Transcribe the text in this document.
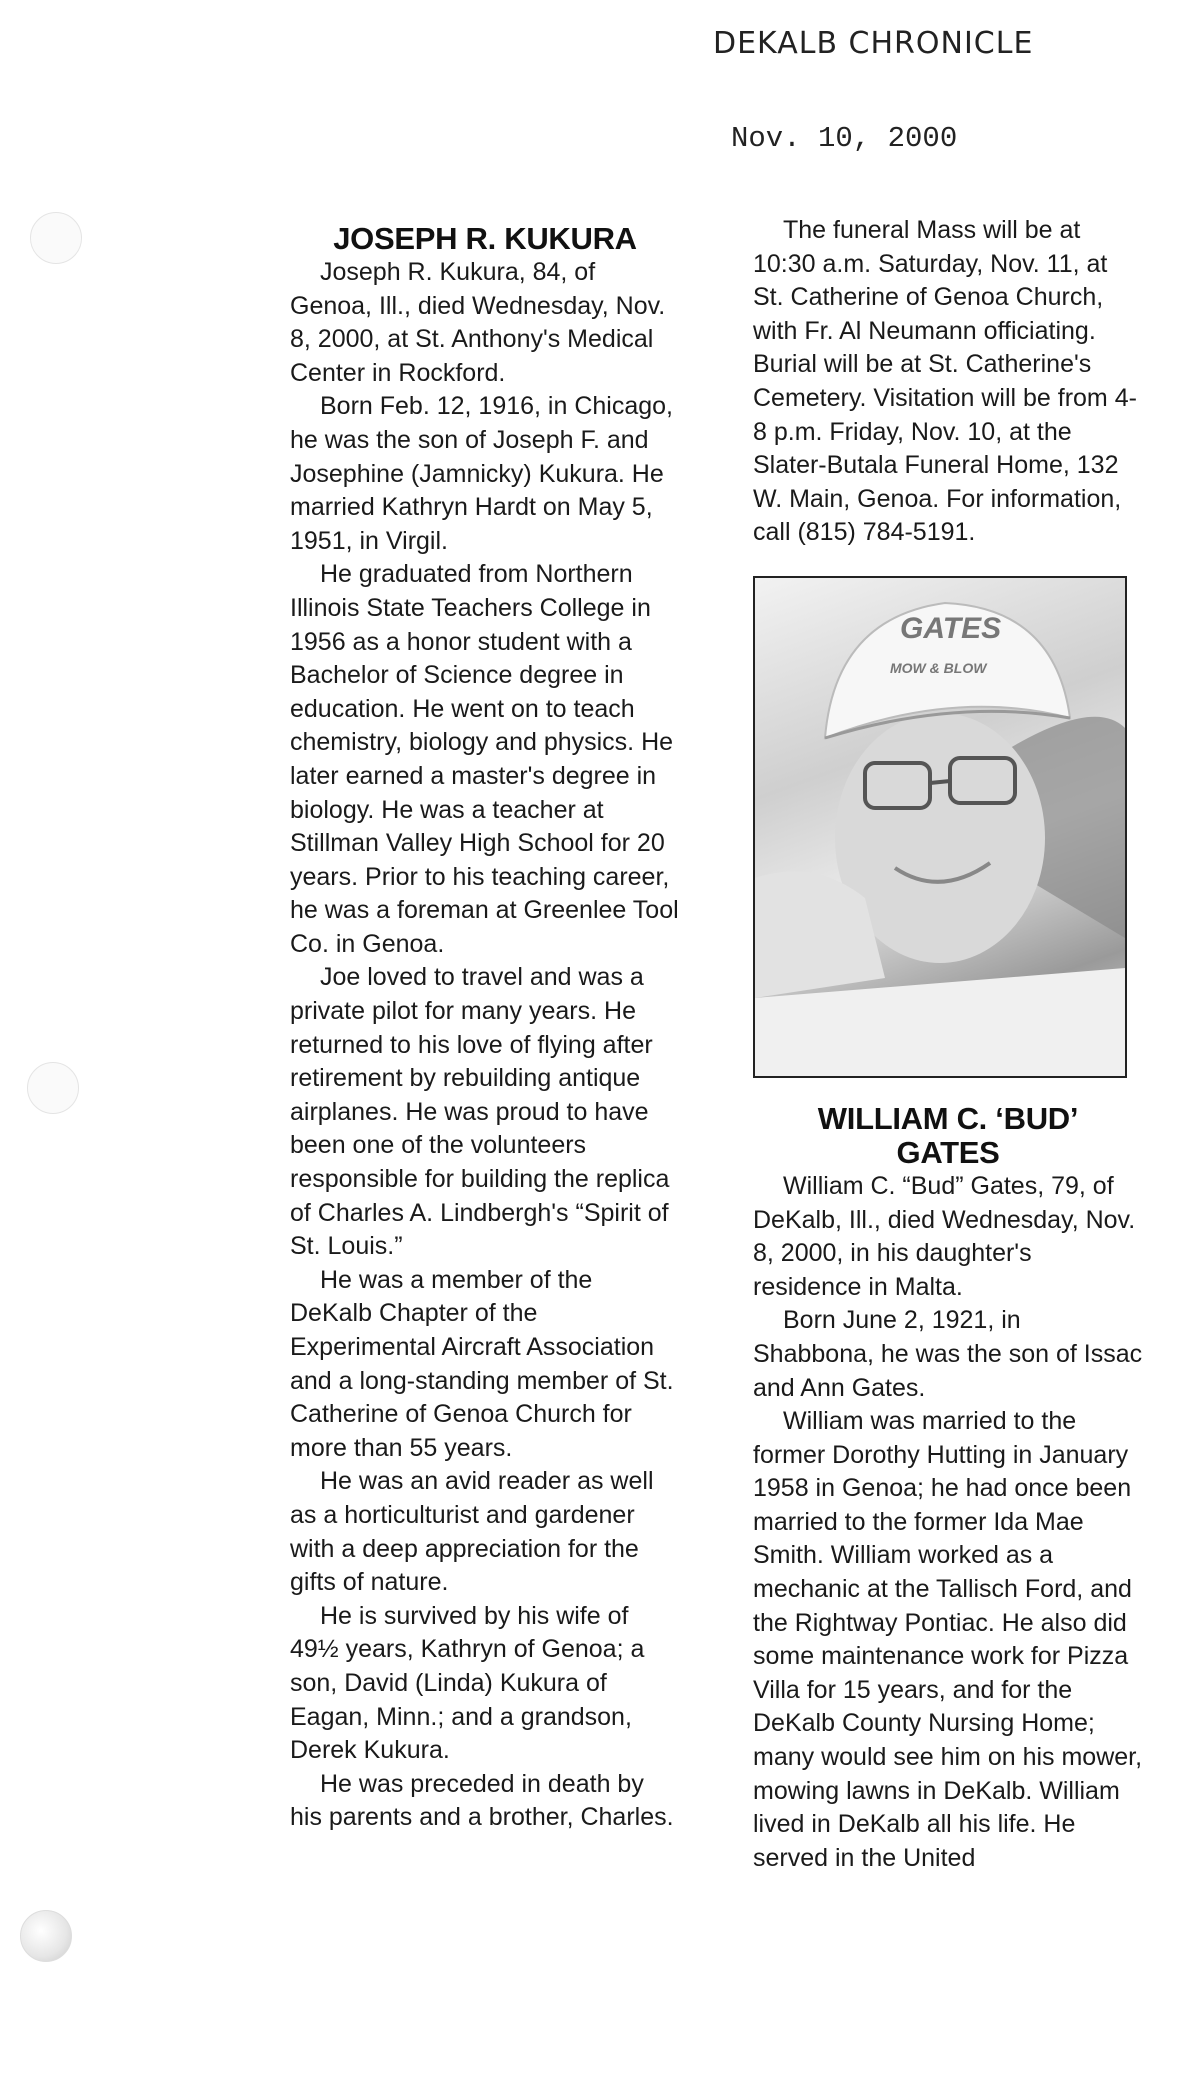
DEKALB CHRONICLE
Nov. 10, 2000
JOSEPH R. KUKURA

Joseph R. Kukura, 84, of Genoa, Ill., died Wednesday, Nov. 8, 2000, at St. Anthony's Medical Center in Rockford.

Born Feb. 12, 1916, in Chicago, he was the son of Joseph F. and Josephine (Jamnicky) Kukura. He married Kathryn Hardt on May 5, 1951, in Virgil.

He graduated from Northern Illinois State Teachers College in 1956 as a honor student with a Bachelor of Science degree in education. He went on to teach chemistry, biology and physics. He later earned a master's degree in biology. He was a teacher at Stillman Valley High School for 20 years. Prior to his teaching career, he was a foreman at Greenlee Tool Co. in Genoa.

Joe loved to travel and was a private pilot for many years. He returned to his love of flying after retirement by rebuilding antique airplanes. He was proud to have been one of the volunteers responsible for building the replica of Charles A. Lindbergh's “Spirit of St. Louis.”

He was a member of the DeKalb Chapter of the Experimental Aircraft Association and a long-standing member of St. Catherine of Genoa Church for more than 55 years.

He was an avid reader as well as a horticulturist and gardener with a deep appreciation for the gifts of nature.

He is survived by his wife of 49½ years, Kathryn of Genoa; a son, David (Linda) Kukura of Eagan, Minn.; and a grandson, Derek Kukura.

He was preceded in death by his parents and a brother, Charles.

The funeral Mass will be at 10:30 a.m. Saturday, Nov. 11, at St. Catherine of Genoa Church, with Fr. Al Neumann officiating. Burial will be at St. Catherine's Cemetery. Visitation will be from 4-8 p.m. Friday, Nov. 10, at the Slater-Butala Funeral Home, 132 W. Main, Genoa. For information, call (815) 784-5191.

GATES
MOW & BLOW
WILLIAM C. ‘BUD’
GATES

William C. “Bud” Gates, 79, of DeKalb, Ill., died Wednesday, Nov. 8, 2000, in his daughter's residence in Malta.

Born June 2, 1921, in Shabbona, he was the son of Issac and Ann Gates.

William was married to the former Dorothy Hutting in January 1958 in Genoa; he had once been married to the former Ida Mae Smith. William worked as a mechanic at the Tallisch Ford, and the Rightway Pontiac. He also did some maintenance work for Pizza Villa for 15 years, and for the DeKalb County Nursing Home; many would see him on his mower, mowing lawns in DeKalb. William lived in DeKalb all his life. He served in the United
